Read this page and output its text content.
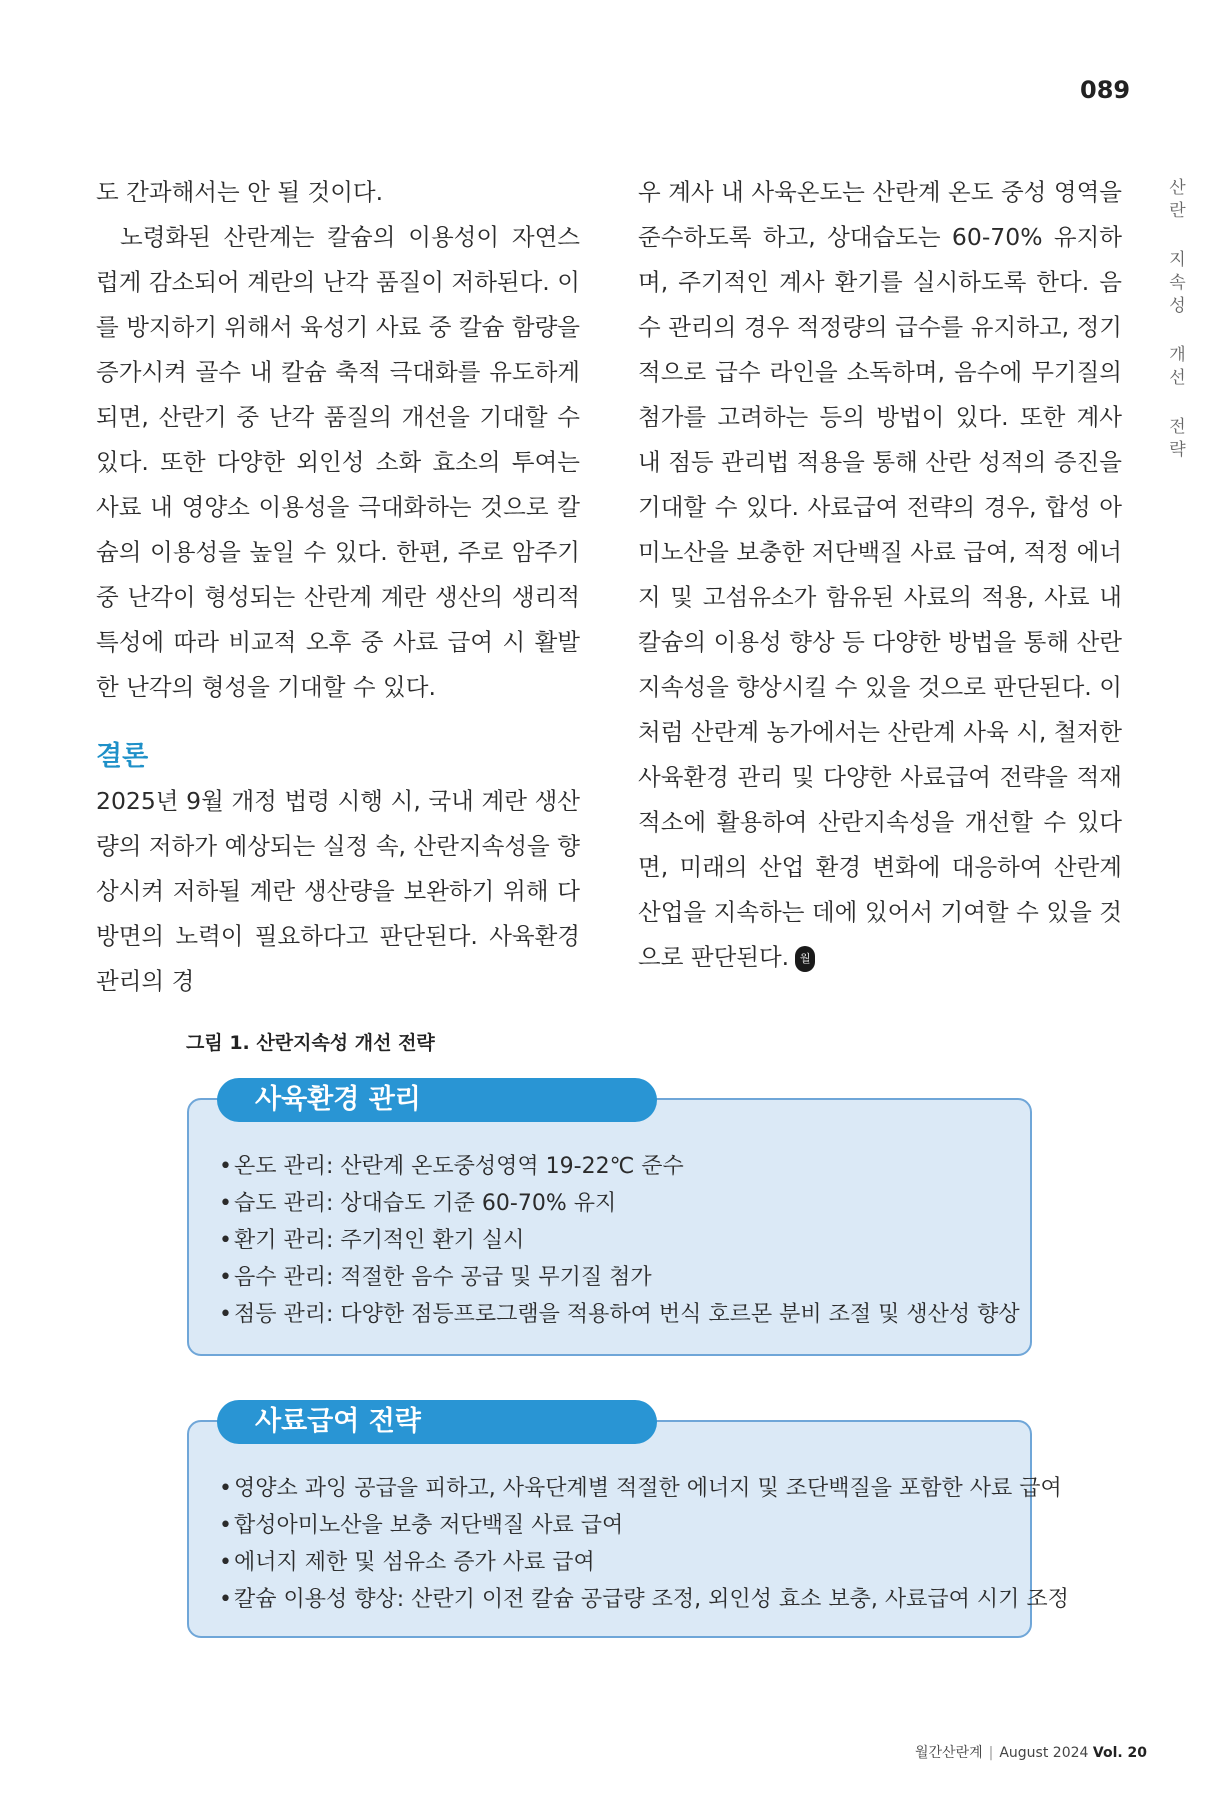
089
산란 지속성 개선 전략

도 간과해서는 안 될 것이다.

노령화된 산란계는 칼슘의 이용성이 자연스럽게 감소되어 계란의 난각 품질이 저하된다. 이를 방지하기 위해서 육성기 사료 중 칼슘 함량을 증가시켜 골수 내 칼슘 축적 극대화를 유도하게 되면, 산란기 중 난각 품질의 개선을 기대할 수 있다. 또한 다양한 외인성 소화 효소의 투여는 사료 내 영양소 이용성을 극대화하는 것으로 칼슘의 이용성을 높일 수 있다. 한편, 주로 암주기 중 난각이 형성되는 산란계 계란 생산의 생리적 특성에 따라 비교적 오후 중 사료 급여 시 활발한 난각의 형성을 기대할 수 있다.

결론

2025년 9월 개정 법령 시행 시, 국내 계란 생산량의 저하가 예상되는 실정 속, 산란지속성을 향상시켜 저하될 계란 생산량을 보완하기 위해 다방면의 노력이 필요하다고 판단된다. 사육환경 관리의 경

우 계사 내 사육온도는 산란계 온도 중성 영역을 준수하도록 하고, 상대습도는 60-70% 유지하며, 주기적인 계사 환기를 실시하도록 한다. 음수 관리의 경우 적정량의 급수를 유지하고, 정기적으로 급수 라인을 소독하며, 음수에 무기질의 첨가를 고려하는 등의 방법이 있다. 또한 계사 내 점등 관리법 적용을 통해 산란 성적의 증진을 기대할 수 있다. 사료급여 전략의 경우, 합성 아미노산을 보충한 저단백질 사료 급여, 적정 에너지 및 고섬유소가 함유된 사료의 적용, 사료 내 칼슘의 이용성 향상 등 다양한 방법을 통해 산란지속성을 향상시킬 수 있을 것으로 판단된다. 이처럼 산란계 농가에서는 산란계 사육 시, 철저한 사육환경 관리 및 다양한 사료급여 전략을 적재적소에 활용하여 산란지속성을 개선할 수 있다면, 미래의 산업 환경 변화에 대응하여 산란계 산업을 지속하는 데에 있어서 기여할 수 있을 것으로 판단된다. 월간

그림 1. 산란지속성 개선 전략
사육환경 관리
•온도 관리: 산란계 온도중성영역 19-22℃ 준수
•습도 관리: 상대습도 기준 60-70% 유지
•환기 관리: 주기적인 환기 실시
•음수 관리: 적절한 음수 공급 및 무기질 첨가
•점등 관리: 다양한 점등프로그램을 적용하여 번식 호르몬 분비 조절 및 생산성 향상
사료급여 전략
•영양소 과잉 공급을 피하고, 사육단계별 적절한 에너지 및 조단백질을 포함한 사료 급여
•합성아미노산을 보충 저단백질 사료 급여
•에너지 제한 및 섬유소 증가 사료 급여
•칼슘 이용성 향상: 산란기 이전 칼슘 공급량 조정, 외인성 효소 보충, 사료급여 시기 조정
월간산란계 | August 2024 Vol. 20
